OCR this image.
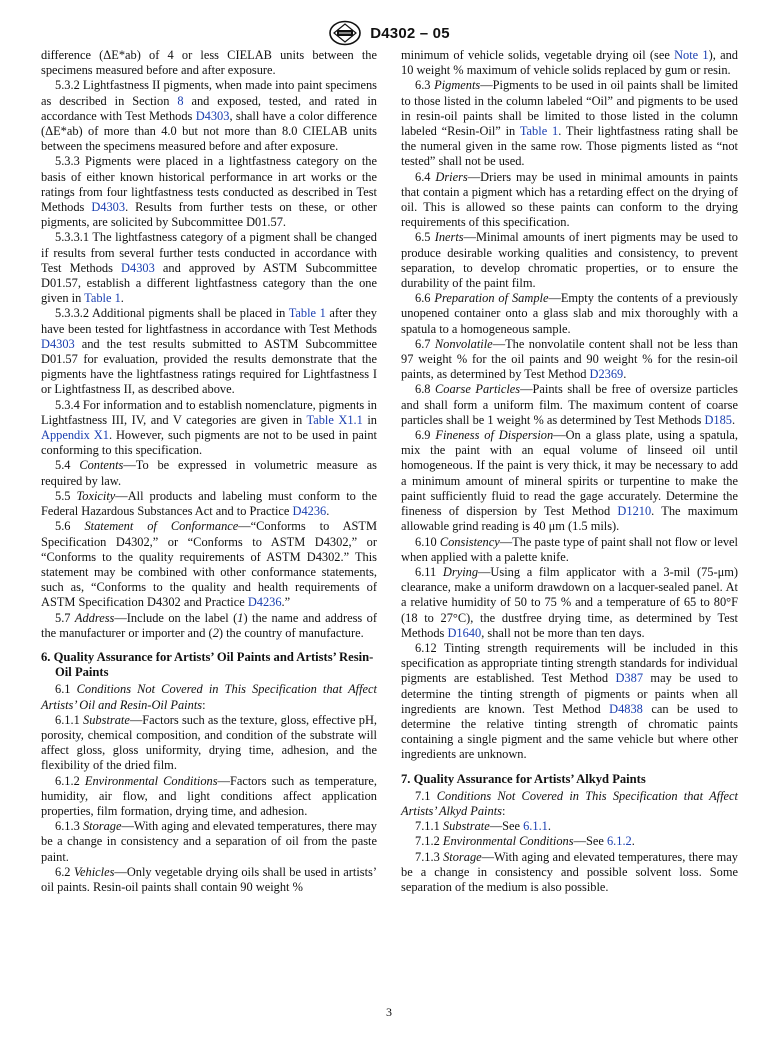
D4302 – 05

difference (ΔE*ab) of 4 or less CIELAB units between the specimens measured before and after exposure.

5.3.2 Lightfastness II pigments, when made into paint specimens as described in Section 8 and exposed, tested, and rated in accordance with Test Methods D4303, shall have a color difference (ΔE*ab) of more than 4.0 but not more than 8.0 CIELAB units between the specimens measured before and after exposure.

5.3.3 Pigments were placed in a lightfastness category on the basis of either known historical performance in art works or the ratings from four lightfastness tests conducted as described in Test Methods D4303. Results from further tests on these, or other pigments, are solicited by Subcommittee D01.57.

5.3.3.1 The lightfastness category of a pigment shall be changed if results from several further tests conducted in accordance with Test Methods D4303 and approved by ASTM Subcommittee D01.57, establish a different lightfastness category than the one given in Table 1.

5.3.3.2 Additional pigments shall be placed in Table 1 after they have been tested for lightfastness in accordance with Test Methods D4303 and the test results submitted to ASTM Subcommittee D01.57 for evaluation, provided the results demonstrate that the pigments have the lightfastness ratings required for Lightfastness I or Lightfastness II, as described above.

5.3.4 For information and to establish nomenclature, pigments in Lightfastness III, IV, and V categories are given in Table X1.1 in Appendix X1. However, such pigments are not to be used in paint conforming to this specification.

5.4 Contents—To be expressed in volumetric measure as required by law.

5.5 Toxicity—All products and labeling must conform to the Federal Hazardous Substances Act and to Practice D4236.

5.6 Statement of Conformance—“Conforms to ASTM Specification D4302,” or “Conforms to ASTM D4302,” or “Conforms to the quality requirements of ASTM D4302.” This statement may be combined with other conformance statements, such as, “Conforms to the quality and health requirements of ASTM Specification D4302 and Practice D4236.”

5.7 Address—Include on the label (1) the name and address of the manufacturer or importer and (2) the country of manufacture.

6. Quality Assurance for Artists’ Oil Paints and Artists’ Resin-Oil Paints

6.1 Conditions Not Covered in This Specification that Affect Artists’ Oil and Resin-Oil Paints:

6.1.1 Substrate—Factors such as the texture, gloss, effective pH, porosity, chemical composition, and condition of the substrate will affect gloss, gloss uniformity, drying time, adhesion, and the flexibility of the dried film.

6.1.2 Environmental Conditions—Factors such as temperature, humidity, air flow, and light conditions affect application properties, film formation, drying time, and adhesion.

6.1.3 Storage—With aging and elevated temperatures, there may be a change in consistency and a separation of oil from the paste paint.

6.2 Vehicles—Only vegetable drying oils shall be used in artists’ oil paints. Resin-oil paints shall contain 90 weight %

minimum of vehicle solids, vegetable drying oil (see Note 1), and 10 weight % maximum of vehicle solids replaced by gum or resin.

6.3 Pigments—Pigments to be used in oil paints shall be limited to those listed in the column labeled “Oil” and pigments to be used in resin-oil paints shall be limited to those listed in the column labeled “Resin-Oil” in Table 1. Their lightfastness rating shall be the numeral given in the same row. Those pigments listed as “not tested” shall not be used.

6.4 Driers—Driers may be used in minimal amounts in paints that contain a pigment which has a retarding effect on the drying of oil. This is allowed so these paints can conform to the drying requirements of this specification.

6.5 Inerts—Minimal amounts of inert pigments may be used to produce desirable working qualities and consistency, to prevent separation, to develop chromatic properties, or to ensure the durability of the paint film.

6.6 Preparation of Sample—Empty the contents of a previously unopened container onto a glass slab and mix thoroughly with a spatula to a homogeneous sample.

6.7 Nonvolatile—The nonvolatile content shall not be less than 97 weight % for the oil paints and 90 weight % for the resin-oil paints, as determined by Test Method D2369.

6.8 Coarse Particles—Paints shall be free of oversize particles and shall form a uniform film. The maximum content of coarse particles shall be 1 weight % as determined by Test Methods D185.

6.9 Fineness of Dispersion—On a glass plate, using a spatula, mix the paint with an equal volume of linseed oil until homogeneous. If the paint is very thick, it may be necessary to add a minimum amount of mineral spirits or turpentine to make the paint sufficiently fluid to read the gage accurately. Determine the fineness of dispersion by Test Method D1210. The maximum allowable grind reading is 40 μm (1.5 mils).

6.10 Consistency—The paste type of paint shall not flow or level when applied with a palette knife.

6.11 Drying—Using a film applicator with a 3-mil (75-μm) clearance, make a uniform drawdown on a lacquer-sealed panel. At a relative humidity of 50 to 75 % and a temperature of 65 to 80°F (18 to 27°C), the dustfree drying time, as determined by Test Methods D1640, shall not be more than ten days.

6.12 Tinting strength requirements will be included in this specification as appropriate tinting strength standards for individual pigments are established. Test Method D387 may be used to determine the tinting strength of pigments or paints when all ingredients are known. Test Method D4838 can be used to determine the relative tinting strength of chromatic paints containing a single pigment and the same vehicle but where other ingredients are unknown.

7. Quality Assurance for Artists’ Alkyd Paints

7.1 Conditions Not Covered in This Specification that Affect Artists’ Alkyd Paints:

7.1.1 Substrate—See 6.1.1.

7.1.2 Environmental Conditions—See 6.1.2.

7.1.3 Storage—With aging and elevated temperatures, there may be a change in consistency and possible solvent loss. Some separation of the medium is also possible.

3
